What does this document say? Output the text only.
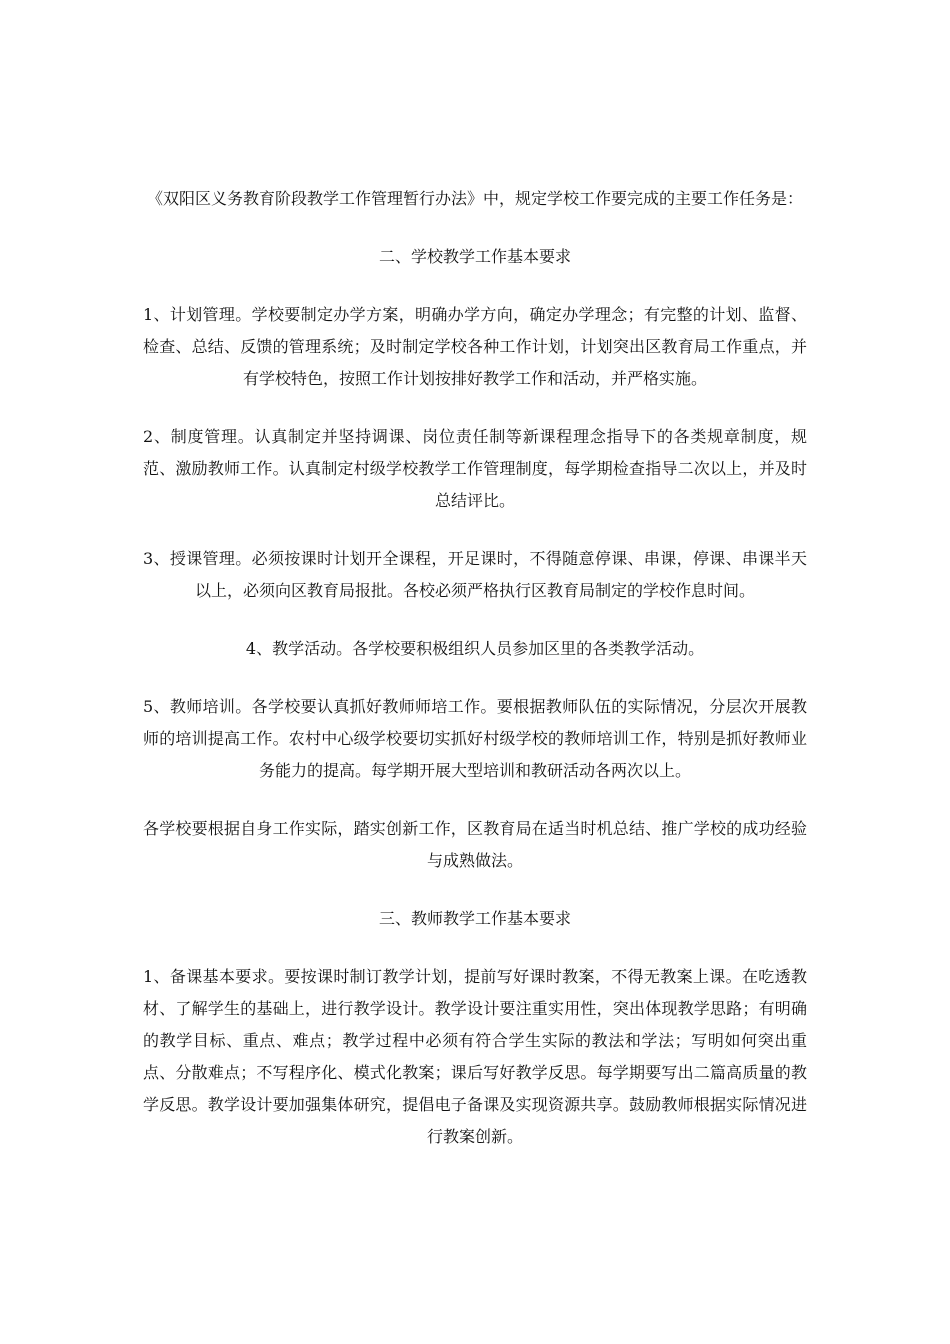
《双阳区义务教育阶段教学工作管理暂行办法》中，规定学校工作要完成的主要工作任务是：

二、学校教学工作基本要求

1、计划管理。学校要制定办学方案，明确办学方向，确定办学理念；有完整的计划、监督、检查、总结、反馈的管理系统；及时制定学校各种工作计划，计划突出区教育局工作重点，并有学校特色，按照工作计划按排好教学工作和活动，并严格实施。

2、制度管理。认真制定并坚持调课、岗位责任制等新课程理念指导下的各类规章制度，规范、激励教师工作。认真制定村级学校教学工作管理制度，每学期检查指导二次以上，并及时总结评比。

3、授课管理。必须按课时计划开全课程，开足课时，不得随意停课、串课，停课、串课半天以上，必须向区教育局报批。各校必须严格执行区教育局制定的学校作息时间。

4、教学活动。各学校要积极组织人员参加区里的各类教学活动。

5、教师培训。各学校要认真抓好教师师培工作。要根据教师队伍的实际情况，分层次开展教师的培训提高工作。农村中心级学校要切实抓好村级学校的教师培训工作，特别是抓好教师业务能力的提高。每学期开展大型培训和教研活动各两次以上。

各学校要根据自身工作实际，踏实创新工作，区教育局在适当时机总结、推广学校的成功经验与成熟做法。

三、教师教学工作基本要求

1、备课基本要求。要按课时制订教学计划，提前写好课时教案，不得无教案上课。在吃透教材、了解学生的基础上，进行教学设计。教学设计要注重实用性，突出体现教学思路；有明确的教学目标、重点、难点；教学过程中必须有符合学生实际的教法和学法；写明如何突出重点、分散难点；不写程序化、模式化教案；课后写好教学反思。每学期要写出二篇高质量的教学反思。教学设计要加强集体研究，提倡电子备课及实现资源共享。鼓励教师根据实际情况进行教案创新。
